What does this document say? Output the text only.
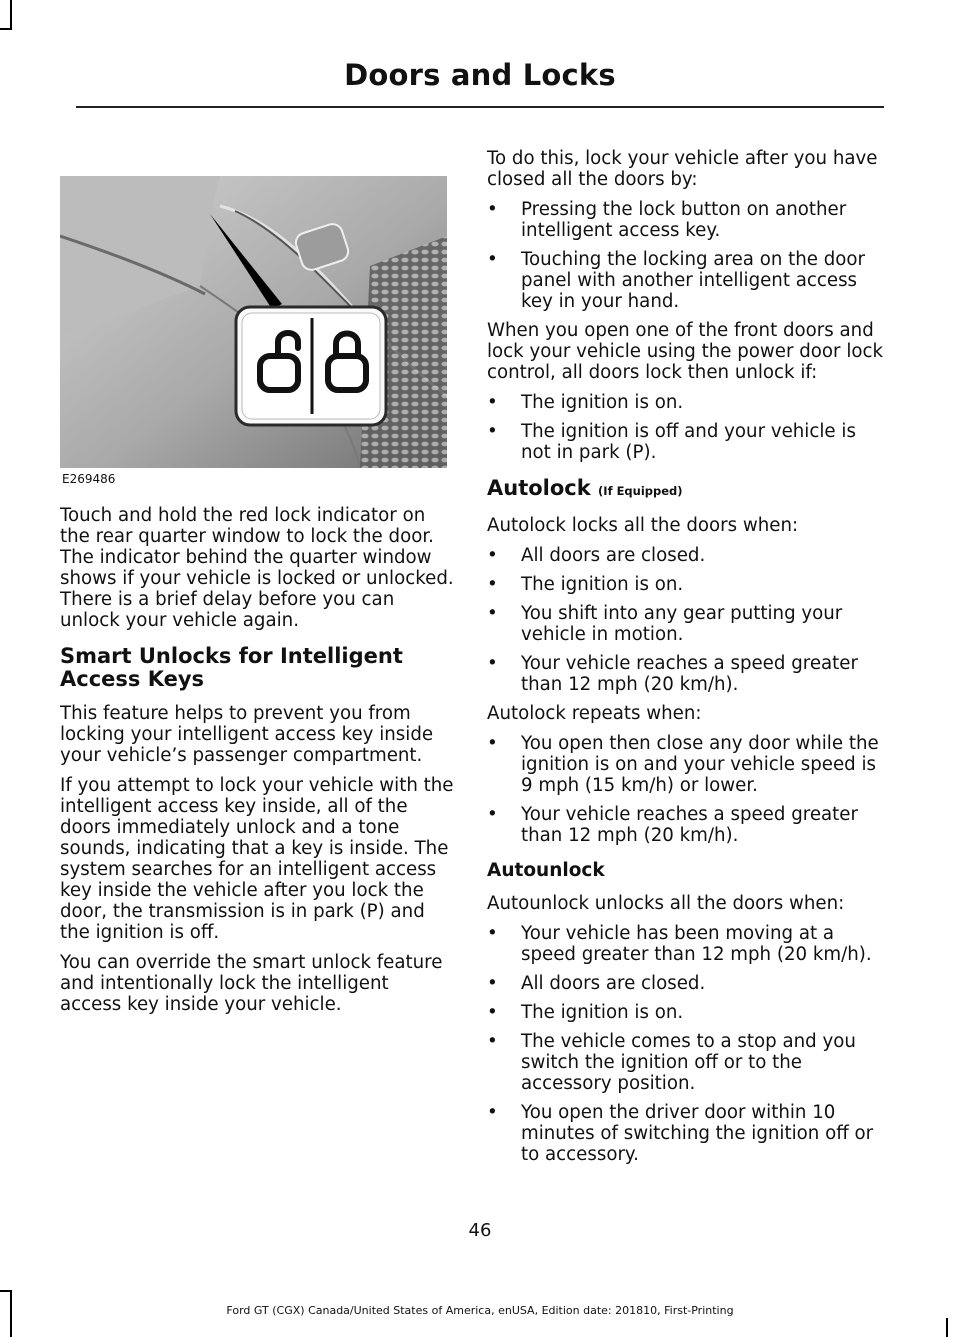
Doors and Locks
E269486

Touch and hold the red lock indicator on the rear quarter window to lock the door. The indicator behind the quarter window shows if your vehicle is locked or unlocked. There is a brief delay before you can unlock your vehicle again.

Smart Unlocks for Intelligent Access Keys

This feature helps to prevent you from locking your intelligent access key inside your vehicle’s passenger compartment.

If you attempt to lock your vehicle with the intelligent access key inside, all of the doors immediately unlock and a tone sounds, indicating that a key is inside. The system searches for an intelligent access key inside the vehicle after you lock the door, the transmission is in park (P) and the ignition is off.

You can override the smart unlock feature and intentionally lock the intelligent access key inside your vehicle.

To do this, lock your vehicle after you have closed all the doors by:

• Pressing the lock button on another intelligent access key.
• Touching the locking area on the door panel with another intelligent access key in your hand.

When you open one of the front doors and lock your vehicle using the power door lock control, all doors lock then unlock if:

• The ignition is on.
• The ignition is off and your vehicle is not in park (P).
Autolock (If Equipped)

Autolock locks all the doors when:

• All doors are closed.
• The ignition is on.
• You shift into any gear putting your vehicle in motion.
• Your vehicle reaches a speed greater than 12 mph (20 km/h).

Autolock repeats when:

• You open then close any door while the ignition is on and your vehicle speed is 9 mph (15 km/h) or lower.
• Your vehicle reaches a speed greater than 12 mph (20 km/h).
Autounlock

Autounlock unlocks all the doors when:

• Your vehicle has been moving at a speed greater than 12 mph (20 km/h).
• All doors are closed.
• The ignition is on.
• The vehicle comes to a stop and you switch the ignition off or to the accessory position.
• You open the driver door within 10 minutes of switching the ignition off or to accessory.
46
Ford GT (CGX) Canada/United States of America, enUSA, Edition date: 201810, First-Printing
